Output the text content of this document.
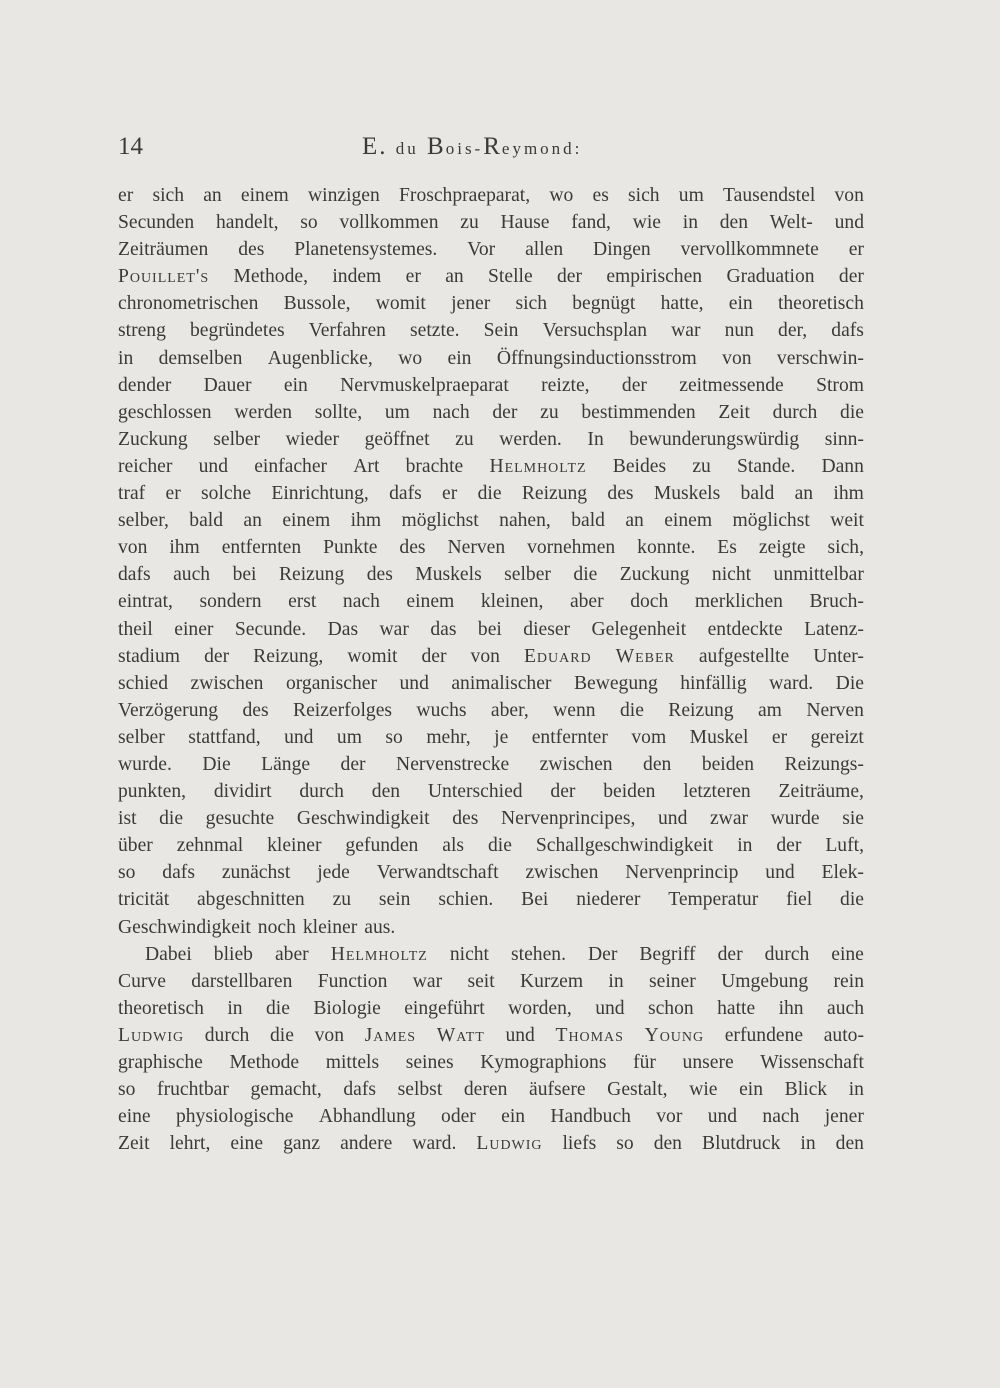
14	E. du Bois-Reymond:
er sich an einem winzigen Froschpraeparat, wo es sich um Tausendstel von
Secunden handelt, so vollkommen zu Hause fand, wie in den Welt- und
Zeiträumen des Planetensystemes. Vor allen Dingen vervollkommnete er
Pouillet's Methode, indem er an Stelle der empirischen Graduation der
chronometrischen Bussole, womit jener sich begnügt hatte, ein theoretisch
streng begründetes Verfahren setzte. Sein Versuchsplan war nun der, dafs
in demselben Augenblicke, wo ein Öffnungsinductionsstrom von verschwin-
dender Dauer ein Nervmuskelpraeparat reizte, der zeitmessende Strom
geschlossen werden sollte, um nach der zu bestimmenden Zeit durch die
Zuckung selber wieder geöffnet zu werden. In bewunderungswürdig sinn-
reicher und einfacher Art brachte Helmholtz Beides zu Stande. Dann
traf er solche Einrichtung, dafs er die Reizung des Muskels bald an ihm
selber, bald an einem ihm möglichst nahen, bald an einem möglichst weit
von ihm entfernten Punkte des Nerven vornehmen konnte. Es zeigte sich,
dafs auch bei Reizung des Muskels selber die Zuckung nicht unmittelbar
eintrat, sondern erst nach einem kleinen, aber doch merklichen Bruch-
theil einer Secunde. Das war das bei dieser Gelegenheit entdeckte Latenz-
stadium der Reizung, womit der von Eduard Weber aufgestellte Unter-
schied zwischen organischer und animalischer Bewegung hinfällig ward. Die
Verzögerung des Reizerfolges wuchs aber, wenn die Reizung am Nerven
selber stattfand, und um so mehr, je entfernter vom Muskel er gereizt
wurde. Die Länge der Nervenstrecke zwischen den beiden Reizungs-
punkten, dividirt durch den Unterschied der beiden letzteren Zeiträume,
ist die gesuchte Geschwindigkeit des Nervenprincipes, und zwar wurde sie
über zehnmal kleiner gefunden als die Schallgeschwindigkeit in der Luft,
so dafs zunächst jede Verwandtschaft zwischen Nervenprincip und Elek-
tricität abgeschnitten zu sein schien. Bei niederer Temperatur fiel die
Geschwindigkeit noch kleiner aus.
Dabei blieb aber Helmholtz nicht stehen. Der Begriff der durch eine
Curve darstellbaren Function war seit Kurzem in seiner Umgebung rein
theoretisch in die Biologie eingeführt worden, und schon hatte ihn auch
Ludwig durch die von James Watt und Thomas Young erfundene auto-
graphische Methode mittels seines Kymographions für unsere Wissenschaft
so fruchtbar gemacht, dafs selbst deren äufsere Gestalt, wie ein Blick in
eine physiologische Abhandlung oder ein Handbuch vor und nach jener
Zeit lehrt, eine ganz andere ward. Ludwig liefs so den Blutdruck in den
